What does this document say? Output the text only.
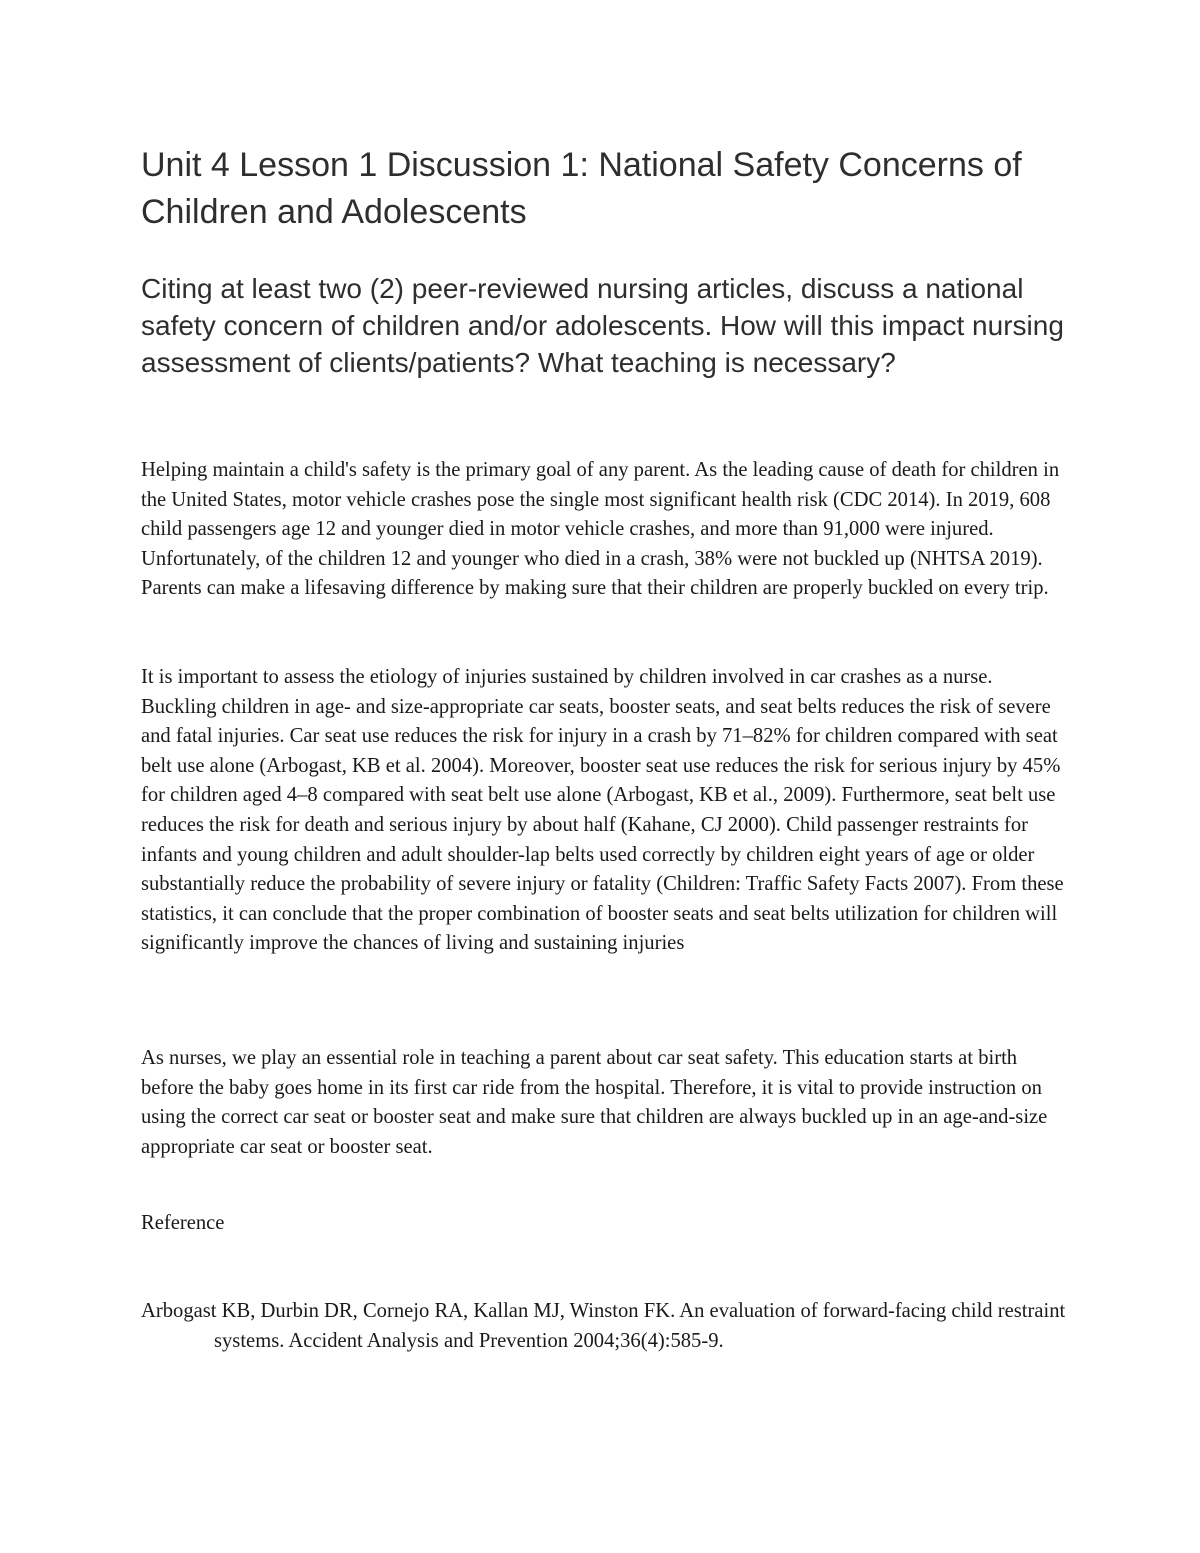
Unit 4 Lesson 1 Discussion 1: National Safety Concerns of Children and Adolescents
Citing at least two (2) peer-reviewed nursing articles, discuss a national safety concern of children and/or adolescents. How will this impact nursing assessment of clients/patients? What teaching is necessary?

Helping maintain a child's safety is the primary goal of any parent. As the leading cause of death for children in the United States, motor vehicle crashes pose the single most significant health risk (CDC 2014). In 2019, 608 child passengers age 12 and younger died in motor vehicle crashes, and more than 91,000 were injured. Unfortunately, of the children 12 and younger who died in a crash, 38% were not buckled up (NHTSA 2019). Parents can make a lifesaving difference by making sure that their children are properly buckled on every trip.

It is important to assess the etiology of injuries sustained by children involved in car crashes as a nurse. Buckling children in age- and size-appropriate car seats, booster seats, and seat belts reduces the risk of severe and fatal injuries. Car seat use reduces the risk for injury in a crash by 71–82% for children compared with seat belt use alone (Arbogast, KB et al. 2004). Moreover, booster seat use reduces the risk for serious injury by 45% for children aged 4–8 compared with seat belt use alone (Arbogast, KB et al., 2009). Furthermore, seat belt use reduces the risk for death and serious injury by about half (Kahane, CJ 2000). Child passenger restraints for infants and young children and adult shoulder-lap belts used correctly by children eight years of age or older substantially reduce the probability of severe injury or fatality (Children: Traffic Safety Facts 2007). From these statistics, it can conclude that the proper combination of booster seats and seat belts utilization for children will significantly improve the chances of living and sustaining injuries

As nurses, we play an essential role in teaching a parent about car seat safety. This education starts at birth before the baby goes home in its first car ride from the hospital. Therefore, it is vital to provide instruction on using the correct car seat or booster seat and make sure that children are always buckled up in an age-and-size appropriate car seat or booster seat.

Reference

Arbogast KB, Durbin DR, Cornejo RA, Kallan MJ, Winston FK. An evaluation of forward-facing child restraint systems. Accident Analysis and Prevention 2004;36(4):585-9.
